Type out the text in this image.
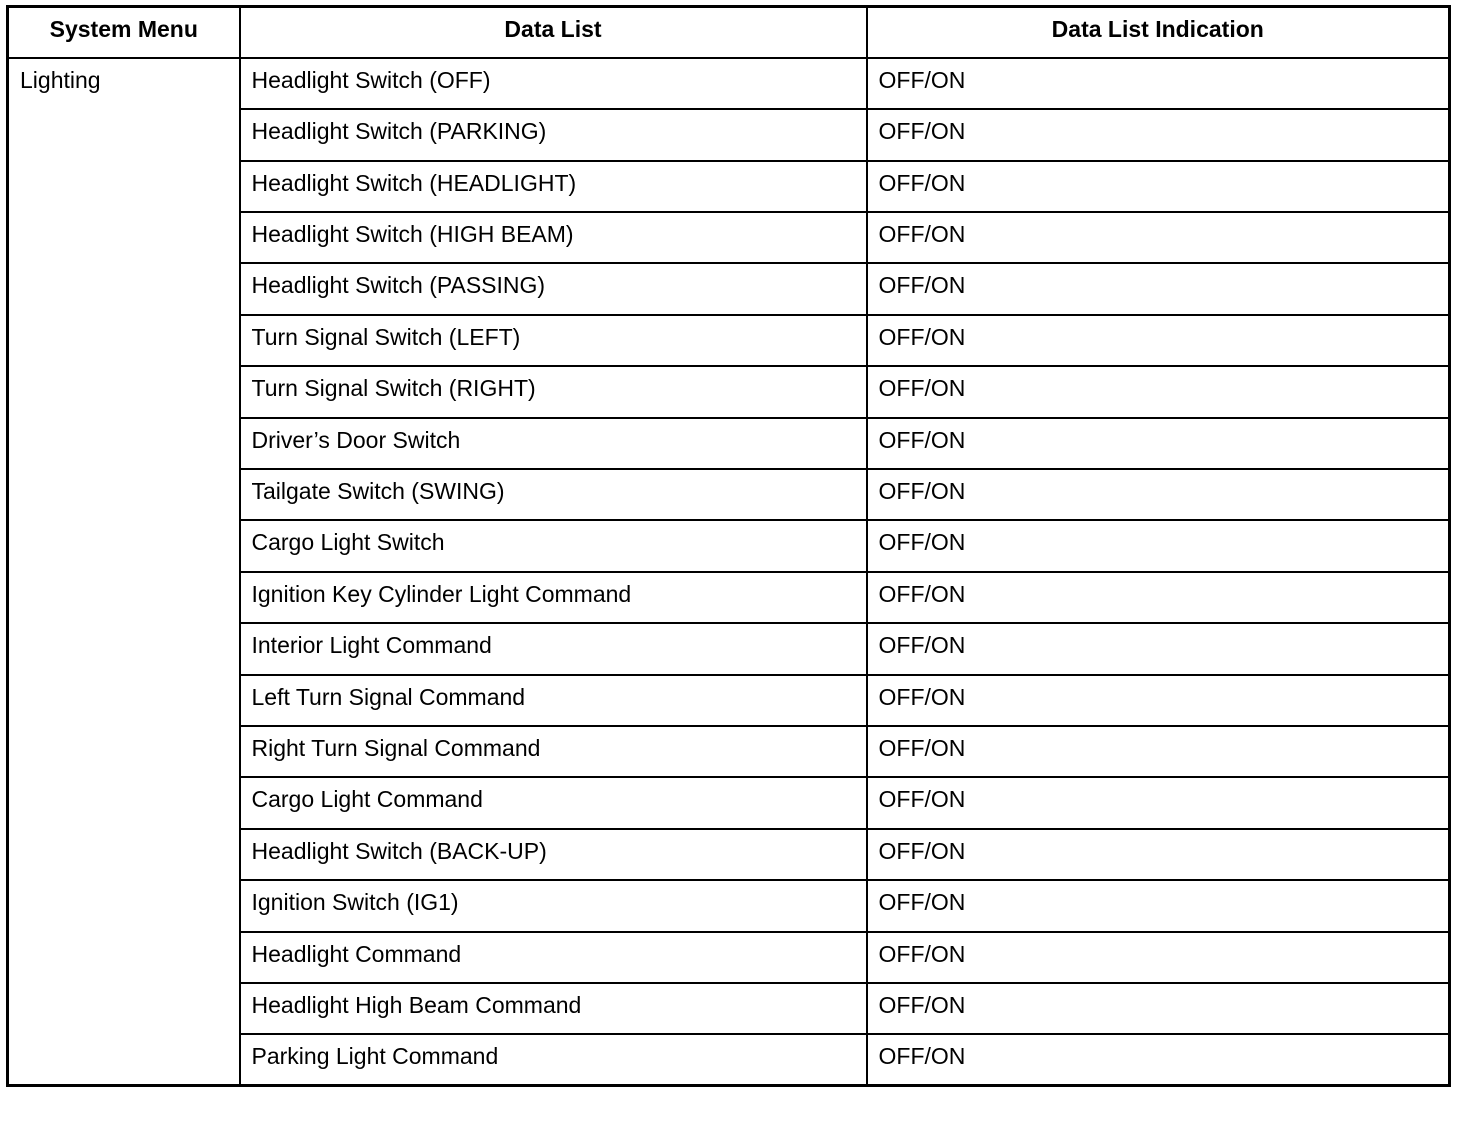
System Menu	Data List	Data List Indication
Lighting	Headlight Switch (OFF)	OFF/ON
	Headlight Switch (PARKING)	OFF/ON
	Headlight Switch (HEADLIGHT)	OFF/ON
	Headlight Switch (HIGH BEAM)	OFF/ON
	Headlight Switch (PASSING)	OFF/ON
	Turn Signal Switch (LEFT)	OFF/ON
	Turn Signal Switch (RIGHT)	OFF/ON
	Driver’s Door Switch	OFF/ON
	Tailgate Switch (SWING)	OFF/ON
	Cargo Light Switch	OFF/ON
	Ignition Key Cylinder Light Command	OFF/ON
	Interior Light Command	OFF/ON
	Left Turn Signal Command	OFF/ON
	Right Turn Signal Command	OFF/ON
	Cargo Light Command	OFF/ON
	Headlight Switch (BACK-UP)	OFF/ON
	Ignition Switch (IG1)	OFF/ON
	Headlight Command	OFF/ON
	Headlight High Beam Command	OFF/ON
	Parking Light Command	OFF/ON
